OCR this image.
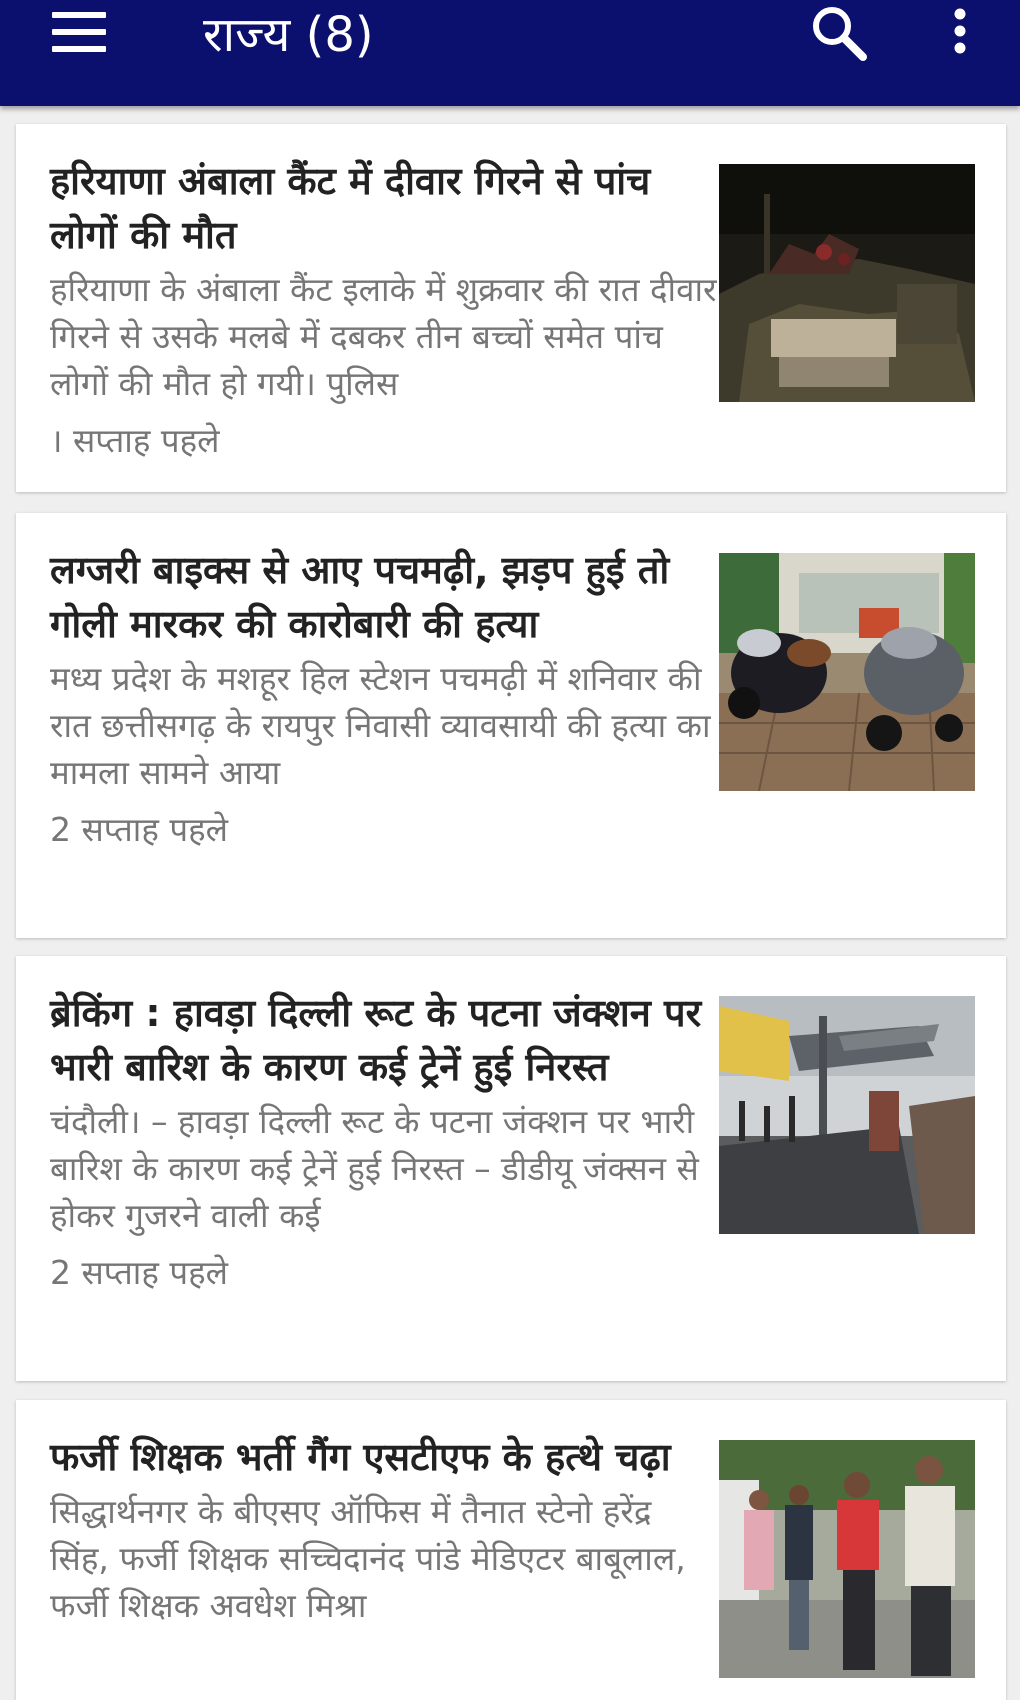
राज्य (8)
हरियाणा अंबाला कैंट में दीवार गिरने से पांच लोगों की मौत

हरियाणा के अंबाला कैंट इलाके में शुक्रवार की रात दीवार गिरने से उसके मलबे में दबकर तीन बच्चों समेत पांच लोगों की मौत हो गयी। पुलिस

। सप्ताह पहले

लग्जरी बाइक्स से आए पचमढ़ी, झड़प हुई तो गोली मारकर की कारोबारी की हत्या

मध्य प्रदेश के मशहूर हिल स्टेशन पचमढ़ी में शनिवार की रात छत्तीसगढ़ के रायपुर निवासी व्यावसायी की हत्या का मामला सामने आया

2 सप्ताह पहले

ब्रेकिंग : हावड़ा दिल्ली रूट के पटना जंक्शन पर भारी बारिश के कारण कई ट्रेनें हुई निरस्त

चंदौली। – हावड़ा दिल्ली रूट के पटना जंक्शन पर भारी बारिश के कारण कई ट्रेनें हुई निरस्त – डीडीयू जंक्सन से होकर गुजरने वाली कई

2 सप्ताह पहले

फर्जी शिक्षक भर्ती गैंग एसटीएफ के हत्थे चढ़ा

सिद्धार्थनगर के बीएसए ऑफिस में तैनात स्टेनो हरेंद्र सिंह, फर्जी शिक्षक सच्चिदानंद पांडे मेडिएटर बाबूलाल, फर्जी शिक्षक अवधेश मिश्रा
